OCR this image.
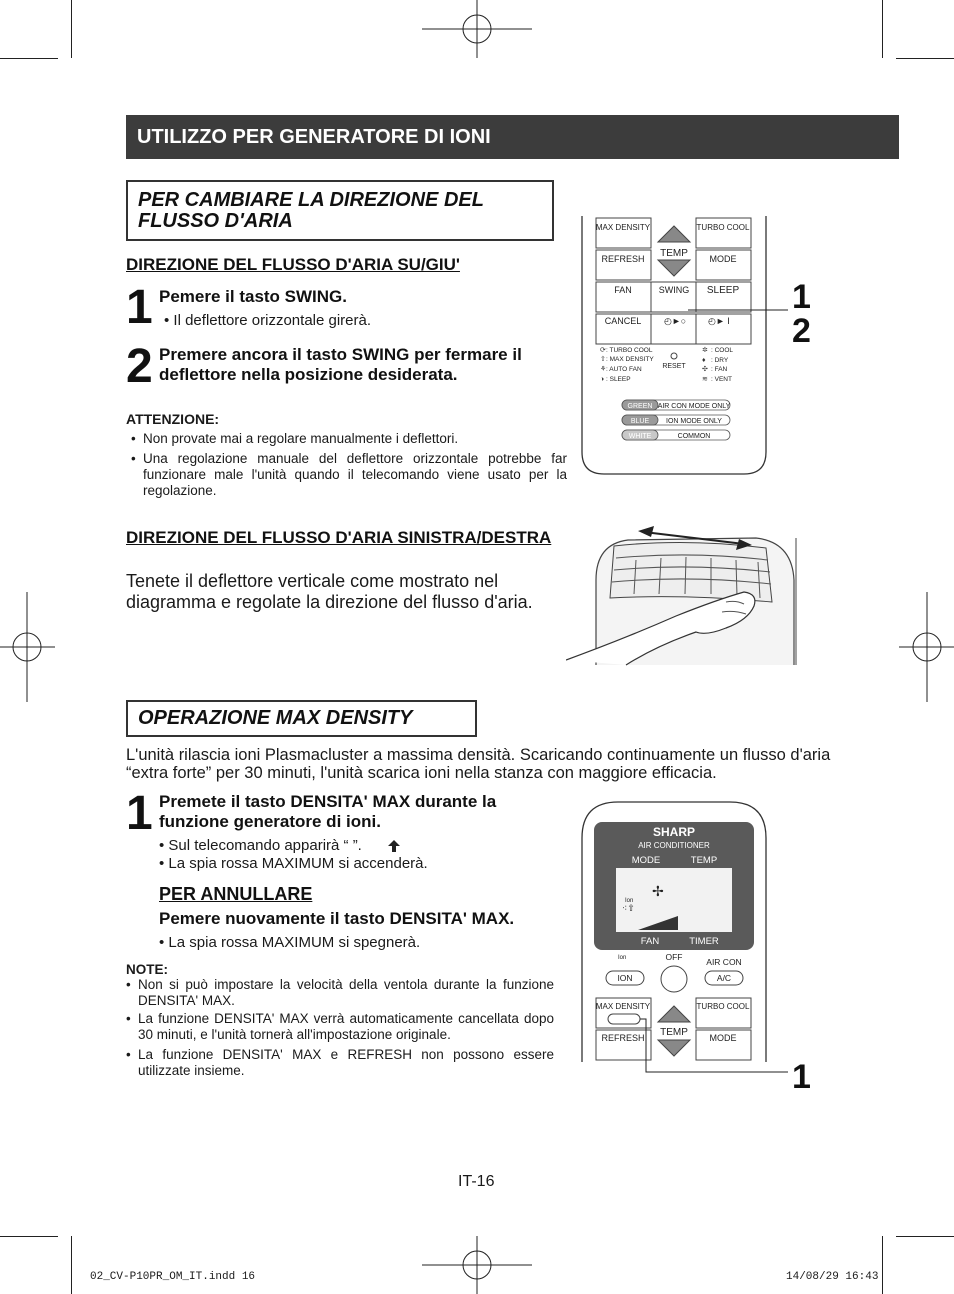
UTILIZZO PER GENERATORE DI IONI
PER CAMBIARE LA DIREZIONE DEL FLUSSO D'ARIA
DIREZIONE DEL FLUSSO D'ARIA SU/GIU'
1 Pemere il tasto SWING.
• Il deflettore orizzontale girerà.
2 Premere ancora il tasto SWING per fermare il deflettore nella posizione desiderata.
ATTENZIONE:
• Non provate mai a regolare manualmente i deflettori.
• Una regolazione manuale del deflettore orizzontale potrebbe far funzionare male l'unità quando il telecomando viene usato per la regolazione.
DIREZIONE DEL FLUSSO D'ARIA SINISTRA/DESTRA
Tenete il deflettore verticale come mostrato nel diagramma e regolate la direzione del flusso d'aria.
MAX DENSITY
TEMP
TURBO COOL
REFRESH	MODE
FAN	SWING SLEEP
CANCEL
RESET
◴►○ ◴► I
: TURBO COOL
: MAX DENSITY
: AUTO FAN
: SLEEP
: COOL
: DRY
: FAN
: VENT
⟳
⇧
⚘
◑
✲
♦
✣
≋
GREEN AIR CON MODE ONLY
BLUE ION MODE ONLY
WHITE	COMMON
1
2
OPERAZIONE MAX DENSITY
L'unità rilascia ioni Plasmacluster a massima densità. Scaricando continuamente un flusso d'aria “extra forte” per 30 minuti, l'unità scarica ioni nella stanza con maggiore efficacia.
1 Premete il tasto DENSITA' MAX durante la funzione generatore di ioni.
• Sul telecomando apparirà “ ”.
• La spia rossa MAXIMUM si accenderà.
PER ANNULLARE
Pemere nuovamente il tasto DENSITA' MAX.
• La spia rossa MAXIMUM si spegnerà.
NOTE:
• Non si può impostare la velocità della ventola durante la funzione DENSITA' MAX.
• La funzione DENSITA' MAX verrà automaticamente cancellata dopo 30 minuti, e l'unità tornerà all'impostazione originale.
• La funzione DENSITA' MAX e REFRESH non possono essere utilizzate insieme.
SHARP
AIR CONDITIONER
MODE	TEMP
✢
Ion
⁖⇧
FAN	TIMER
Ion
ION
OFF	AIR CON
A/C
MAX DENSITY
TEMP
TURBO COOL
REFRESH	MODE
1
IT-16
02_CV-P10PR_OM_IT.indd 16	14/08/29 16:43
